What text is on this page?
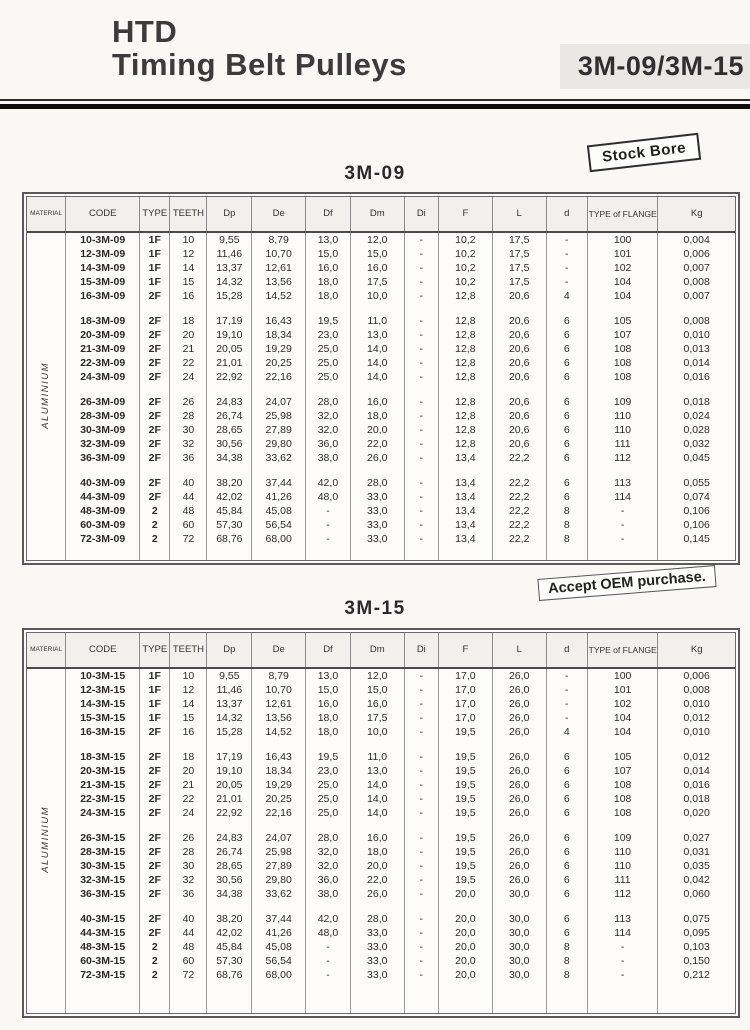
HTD
Timing Belt Pulleys	3M-09/3M-15
Stock Bore
3M-09
MATERIAL	CODE	TYPE	TEETH	Dp	De	Df	Dm	Di	F	L	d	TYPE of FLANGE	Kg
ALUMINIUM	10-3M-09	1F	10	9,55	8,79	13,0	12,0	-	10,2	17,5	-	100	0,004
	12-3M-09	1F	12	11,46	10,70	15,0	15,0	-	10,2	17,5	-	101	0,006
	14-3M-09	1F	14	13,37	12,61	16,0	16,0	-	10,2	17,5	-	102	0,007
	15-3M-09	1F	15	14,32	13,56	18,0	17,5	-	10,2	17,5	-	104	0,008
	16-3M-09	2F	16	15,28	14,52	18,0	10,0	-	12,8	20,6	4	104	0,007

	18-3M-09	2F	18	17,19	16,43	19,5	11,0	-	12,8	20,6	6	105	0,008
	20-3M-09	2F	20	19,10	18,34	23,0	13,0	-	12,8	20,6	6	107	0,010
	21-3M-09	2F	21	20,05	19,29	25,0	14,0	-	12,8	20,6	6	108	0,013
	22-3M-09	2F	22	21,01	20,25	25,0	14,0	-	12,8	20,6	6	108	0,014
	24-3M-09	2F	24	22,92	22,16	25,0	14,0	-	12,8	20,6	6	108	0,016

	26-3M-09	2F	26	24,83	24,07	28,0	16,0	-	12,8	20,6	6	109	0,018
	28-3M-09	2F	28	26,74	25,98	32,0	18,0	-	12,8	20,6	6	110	0,024
	30-3M-09	2F	30	28,65	27,89	32,0	20,0	-	12,8	20,6	6	110	0,028
	32-3M-09	2F	32	30,56	29,80	36,0	22,0	-	12,8	20,6	6	111	0,032
	36-3M-09	2F	36	34,38	33,62	38,0	26,0	-	13,4	22,2	6	112	0,045

	40-3M-09	2F	40	38,20	37,44	42,0	28,0	-	13,4	22,2	6	113	0,055
	44-3M-09	2F	44	42,02	41,26	48,0	33,0	-	13,4	22,2	6	114	0,074
	48-3M-09	2	48	45,84	45,08	-	33,0	-	13,4	22,2	8	-	0,106
	60-3M-09	2	60	57,30	56,54	-	33,0	-	13,4	22,2	8	-	0,106
	72-3M-09	2	72	68,76	68,00	-	33,0	-	13,4	22,2	8	-	0,145

Accept OEM purchase.
3M-15
MATERIAL	CODE	TYPE	TEETH	Dp	De	Df	Dm	Di	F	L	d	TYPE of FLANGE	Kg
ALUMINIUM	10-3M-15	1F	10	9,55	8,79	13,0	12,0	-	17,0	26,0	-	100	0,006
	12-3M-15	1F	12	11,46	10,70	15,0	15,0	-	17,0	26,0	-	101	0,008
	14-3M-15	1F	14	13,37	12,61	16,0	16,0	-	17,0	26,0	-	102	0,010
	15-3M-15	1F	15	14,32	13,56	18,0	17,5	-	17,0	26,0	-	104	0,012
	16-3M-15	2F	16	15,28	14,52	18,0	10,0	-	19,5	26,0	4	104	0,010

	18-3M-15	2F	18	17,19	16,43	19,5	11,0	-	19,5	26,0	6	105	0,012
	20-3M-15	2F	20	19,10	18,34	23,0	13,0	-	19,5	26,0	6	107	0,014
	21-3M-15	2F	21	20,05	19,29	25,0	14,0	-	19,5	26,0	6	108	0,016
	22-3M-15	2F	22	21,01	20,25	25,0	14,0	-	19,5	26,0	6	108	0,018
	24-3M-15	2F	24	22,92	22,16	25,0	14,0	-	19,5	26,0	6	108	0,020

	26-3M-15	2F	26	24,83	24,07	28,0	16,0	-	19,5	26,0	6	109	0,027
	28-3M-15	2F	28	26,74	25,98	32,0	18,0	-	19,5	26,0	6	110	0,031
	30-3M-15	2F	30	28,65	27,89	32,0	20,0	-	19,5	26,0	6	110	0,035
	32-3M-15	2F	32	30,56	29,80	36,0	22,0	-	19,5	26,0	6	111	0,042
	36-3M-15	2F	36	34,38	33,62	38,0	26,0	-	20,0	30,0	6	112	0,060

	40-3M-15	2F	40	38,20	37,44	42,0	28,0	-	20,0	30,0	6	113	0,075
	44-3M-15	2F	44	42,02	41,26	48,0	33,0	-	20,0	30,0	6	114	0,095
	48-3M-15	2	48	45,84	45,08	-	33,0	-	20,0	30,0	8	-	0,103
	60-3M-15	2	60	57,30	56,54	-	33,0	-	20,0	30,0	8	-	0,150
	72-3M-15	2	72	68,76	68,00	-	33,0	-	20,0	30,0	8	-	0,212
